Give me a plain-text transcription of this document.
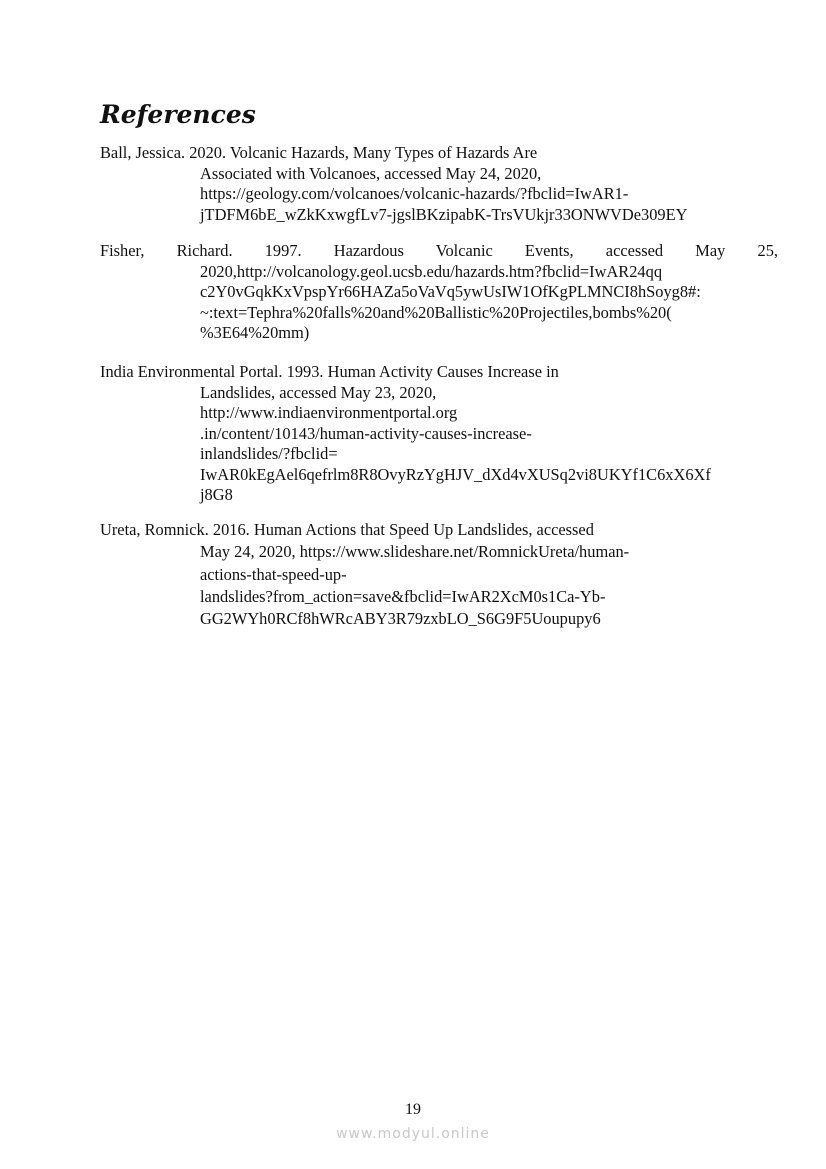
References
Ball, Jessica. 2020. Volcanic Hazards, Many Types of Hazards Are
Associated with Volcanoes, accessed May 24, 2020,
https://geology.com/volcanoes/volcanic-hazards/?fbclid=IwAR1-
jTDFM6bE_wZkKxwgfLv7-jgslBKzipabK-TrsVUkjr33ONWVDe309EY
Fisher, Richard. 1997. Hazardous Volcanic Events, accessed May 25,
2020,http://volcanology.geol.ucsb.edu/hazards.htm?fbclid=IwAR24qq
c2Y0vGqkKxVpspYr66HAZa5oVaVq5ywUsIW1OfKgPLMNCI8hSoyg8#:
~:text=Tephra%20falls%20and%20Ballistic%20Projectiles,bombs%20(
%3E64%20mm)
India Environmental Portal. 1993. Human Activity Causes Increase in
Landslides, accessed May 23, 2020,
http://www.indiaenvironmentportal.org
.in/content/10143/human-activity-causes-increase-
inlandslides/?fbclid=
IwAR0kEgAel6qefrlm8R8OvyRzYgHJV_dXd4vXUSq2vi8UKYf1C6xX6Xf
j8G8
Ureta, Romnick. 2016. Human Actions that Speed Up Landslides, accessed
May 24, 2020, https://www.slideshare.net/RomnickUreta/human-
actions-that-speed-up-
landslides?from_action=save&fbclid=IwAR2XcM0s1Ca-Yb-
GG2WYh0RCf8hWRcABY3R79zxbLO_S6G9F5Uoupupy6
19
www.modyul.online
